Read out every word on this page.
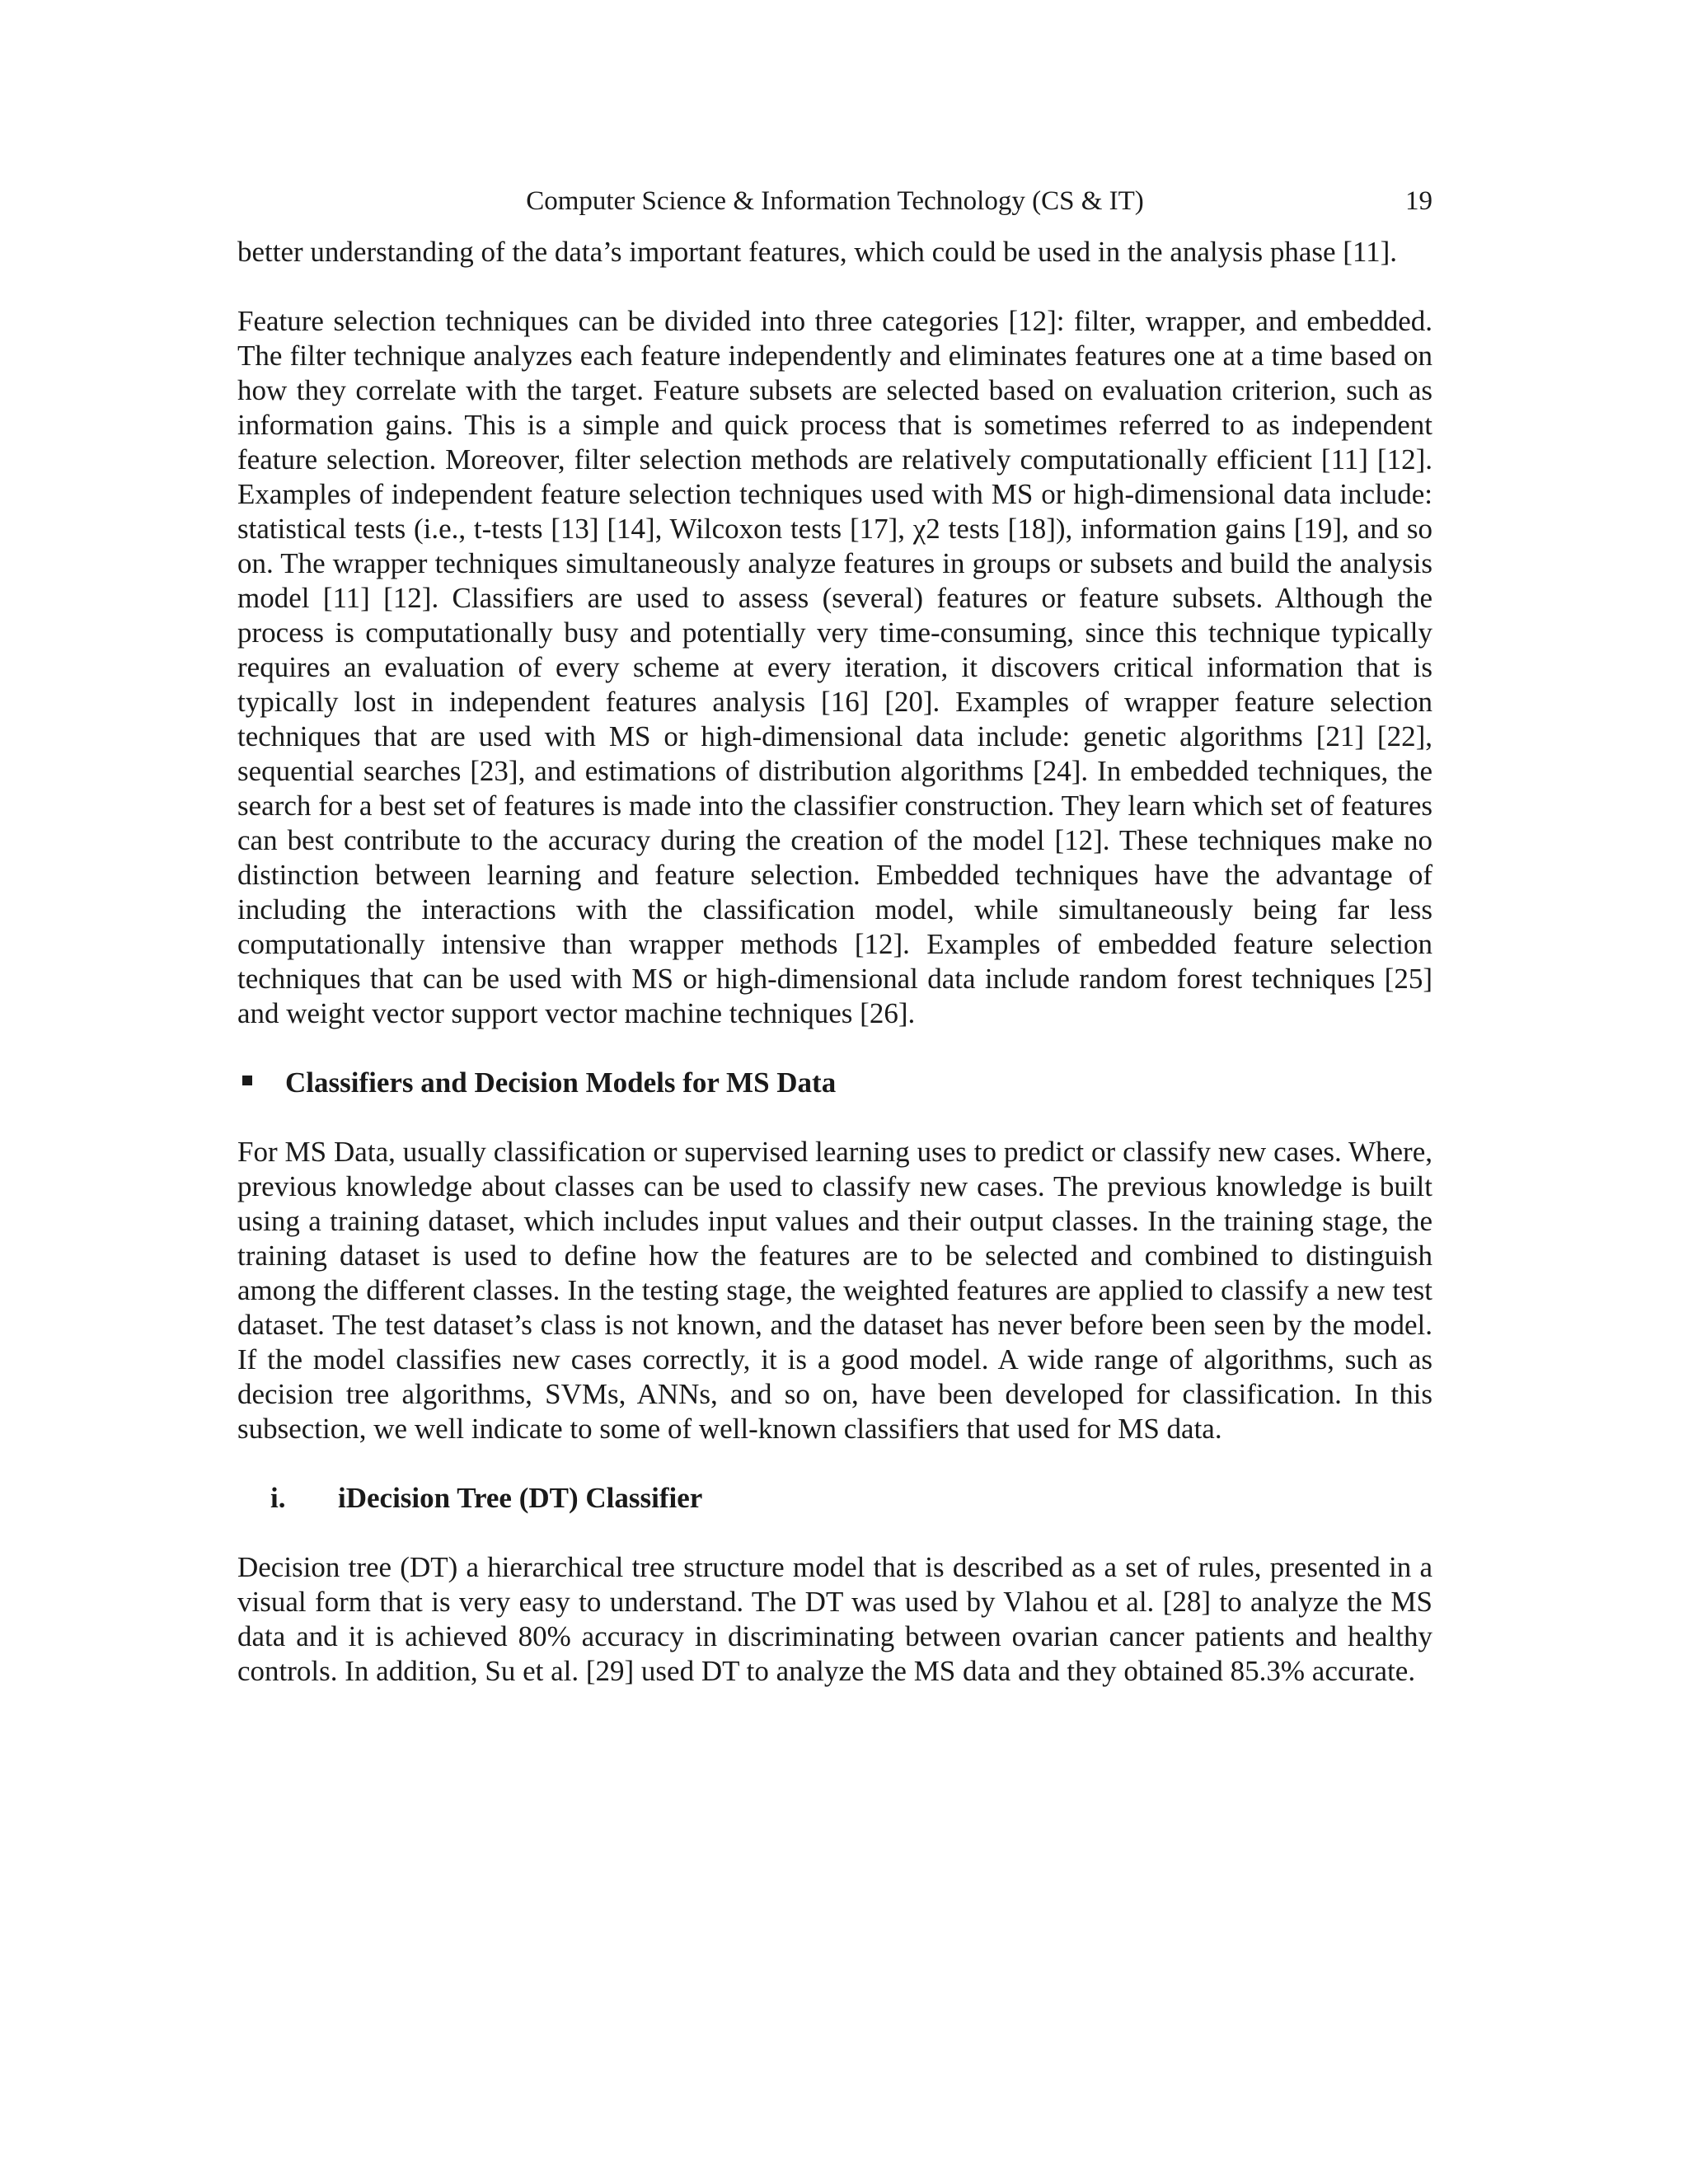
Computer Science & Information Technology (CS & IT)	19

better understanding of the data’s important features, which could be used in the analysis phase [11].

Feature selection techniques can be divided into three categories [12]: filter, wrapper, and embedded. The filter technique analyzes each feature independently and eliminates features one at a time based on how they correlate with the target. Feature subsets are selected based on evaluation criterion, such as information gains. This is a simple and quick process that is sometimes referred to as independent feature selection. Moreover, filter selection methods are relatively computationally efficient [11] [12]. Examples of independent feature selection techniques used with MS or high-dimensional data include: statistical tests (i.e., t-tests [13] [14], Wilcoxon tests [17], χ2 tests [18]), information gains [19], and so on. The wrapper techniques simultaneously analyze features in groups or subsets and build the analysis model [11] [12]. Classifiers are used to assess (several) features or feature subsets. Although the process is computationally busy and potentially very time-consuming, since this technique typically requires an evaluation of every scheme at every iteration, it discovers critical information that is typically lost in independent features analysis [16] [20]. Examples of wrapper feature selection techniques that are used with MS or high-dimensional data include: genetic algorithms [21] [22], sequential searches [23], and estimations of distribution algorithms [24]. In embedded techniques, the search for a best set of features is made into the classifier construction. They learn which set of features can best contribute to the accuracy during the creation of the model [12]. These techniques make no distinction between learning and feature selection. Embedded techniques have the advantage of including the interactions with the classification model, while simultaneously being far less computationally intensive than wrapper methods [12]. Examples of embedded feature selection techniques that can be used with MS or high-dimensional data include random forest techniques [25] and weight vector support vector machine techniques [26].

Classifiers and Decision Models for MS Data

For MS Data, usually classification or supervised learning uses to predict or classify new cases. Where, previous knowledge about classes can be used to classify new cases. The previous knowledge is built using a training dataset, which includes input values and their output classes. In the training stage, the training dataset is used to define how the features are to be selected and combined to distinguish among the different classes. In the testing stage, the weighted features are applied to classify a new test dataset. The test dataset’s class is not known, and the dataset has never before been seen by the model. If the model classifies new cases correctly, it is a good model. A wide range of algorithms, such as decision tree algorithms, SVMs, ANNs, and so on, have been developed for classification. In this subsection, we well indicate to some of well-known classifiers that used for MS data.

i.	iDecision Tree (DT) Classifier

Decision tree (DT) a hierarchical tree structure model that is described as a set of rules, presented in a visual form that is very easy to understand. The DT was used by Vlahou et al. [28] to analyze the MS data and it is achieved 80% accuracy in discriminating between ovarian cancer patients and healthy controls. In addition, Su et al. [29] used DT to analyze the MS data and they obtained 85.3% accurate.
